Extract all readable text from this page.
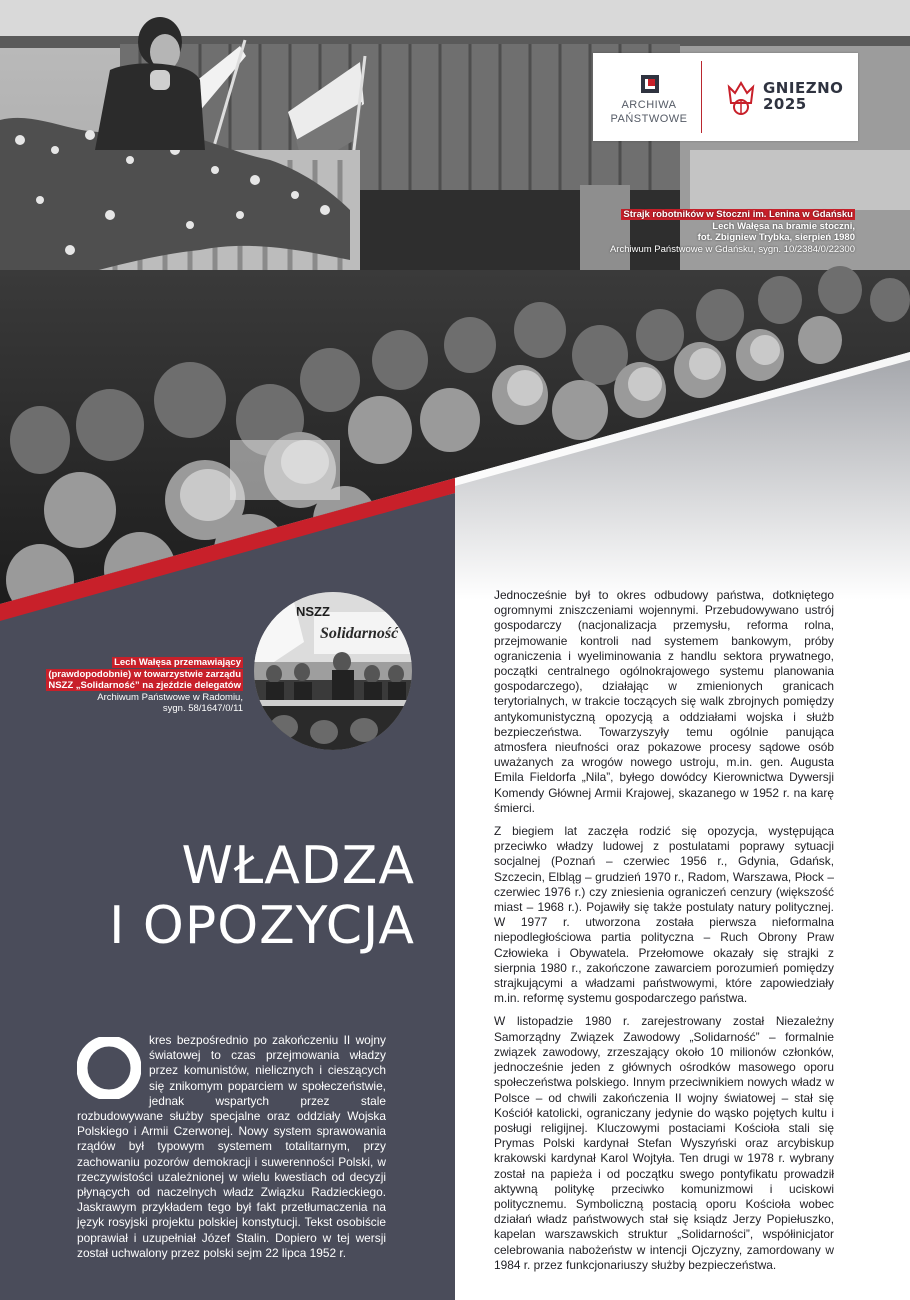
ARCHIWA
PAŃSTWOWE
GNIEZNO
2025
Strajk robotników w Stoczni im. Lenina w Gdańsku
Lech Wałęsa na bramie stoczni,
fot. Zbigniew Trybka, sierpień 1980
Archiwum Państwowe w Gdańsku, sygn. 10/2384/0/22300
NSZZ
Solidarność
Lech Wałęsa przemawiający
(prawdopodobnie) w towarzystwie zarządu
NSZZ „Solidarność” na zjeździe delegatów
Archiwum Państwowe w Radomiu,
sygn. 58/1647/0/11
WŁADZA
I OPOZYCJA

kres bezpośrednio po zakończeniu II wojny światowej to czas przejmowania władzy przez komunistów, nielicznych i cieszących się znikomym poparciem w społeczeństwie, jednak wspartych przez stale rozbudowywane służby specjalne oraz oddziały Wojska Polskiego i Armii Czerwonej. Nowy system sprawowania rządów był typowym systemem totalitarnym, przy zachowaniu pozorów demokracji i suwerenności Polski, w rzeczywistości uzależnionej w wielu kwestiach od decyzji płynących od naczelnych władz Związku Radzieckiego. Jaskrawym przykładem tego był fakt przetłumaczenia na język rosyjski projektu polskiej konstytucji. Tekst osobiście poprawiał i uzupełniał Józef Stalin. Dopiero w tej wersji został uchwalony przez polski sejm 22 lipca 1952 r.

Jednocześnie był to okres odbudowy państwa, dotkniętego ogromnymi zniszczeniami wojennymi. Przebudowywano ustrój gospodarczy (nacjonalizacja przemysłu, reforma rolna, przejmowanie kontroli nad systemem bankowym, próby ograniczenia i wyeliminowania z handlu sektora prywatnego, początki centralnego ogólnokrajowego systemu planowania gospodarczego), działając w zmienionych granicach terytorialnych, w trakcie toczących się walk zbrojnych pomiędzy antykomunistyczną opozycją a oddziałami wojska i służb bezpieczeństwa. Towarzyszyły temu ogólnie panująca atmosfera nieufności oraz pokazowe procesy sądowe osób uważanych za wrogów nowego ustroju, m.in. gen. Augusta Emila Fieldorfa „Nila”, byłego dowódcy Kierownictwa Dywersji Komendy Głównej Armii Krajowej, skazanego w 1952 r. na karę śmierci.

Z biegiem lat zaczęła rodzić się opozycja, występująca przeciwko władzy ludowej z postulatami poprawy sytuacji socjalnej (Poznań – czerwiec 1956 r., Gdynia, Gdańsk, Szczecin, Elbląg – grudzień 1970 r., Radom, Warszawa, Płock – czerwiec 1976 r.) czy zniesienia ograniczeń cenzury (większość miast – 1968 r.). Pojawiły się także postulaty natury politycznej. W 1977 r. utworzona została pierwsza nieformalna niepodległościowa partia polityczna – Ruch Obrony Praw Człowieka i Obywatela. Przełomowe okazały się strajki z sierpnia 1980 r., zakończone zawarciem porozumień pomiędzy strajkującymi a władzami państwowymi, które zapowiedziały m.in. reformę systemu gospodarczego państwa.

W listopadzie 1980 r. zarejestrowany został Niezależny Samorządny Związek Zawodowy „Solidarność” – formalnie związek zawodowy, zrzeszający około 10 milionów członków, jednocześnie jeden z głównych ośrodków masowego oporu społeczeństwa polskiego. Innym przeciwnikiem nowych władz w Polsce – od chwili zakończenia II wojny światowej – stał się Kościół katolicki, ograniczany jedynie do wąsko pojętych kultu i posługi religijnej. Kluczowymi postaciami Kościoła stali się Prymas Polski kardynał Stefan Wyszyński oraz arcybiskup krakowski kardynał Karol Wojtyła. Ten drugi w 1978 r. wybrany został na papieża i od początku swego pontyfikatu prowadził aktywną politykę przeciwko komunizmowi i uciskowi politycznemu. Symboliczną postacią oporu Kościoła wobec działań władz państwowych stał się ksiądz Jerzy Popiełuszko, kapelan warszawskich struktur „Solidarności”, współinicjator celebrowania nabożeństw w intencji Ojczyzny, zamordowany w 1984 r. przez funkcjonariuszy służby bezpieczeństwa.
